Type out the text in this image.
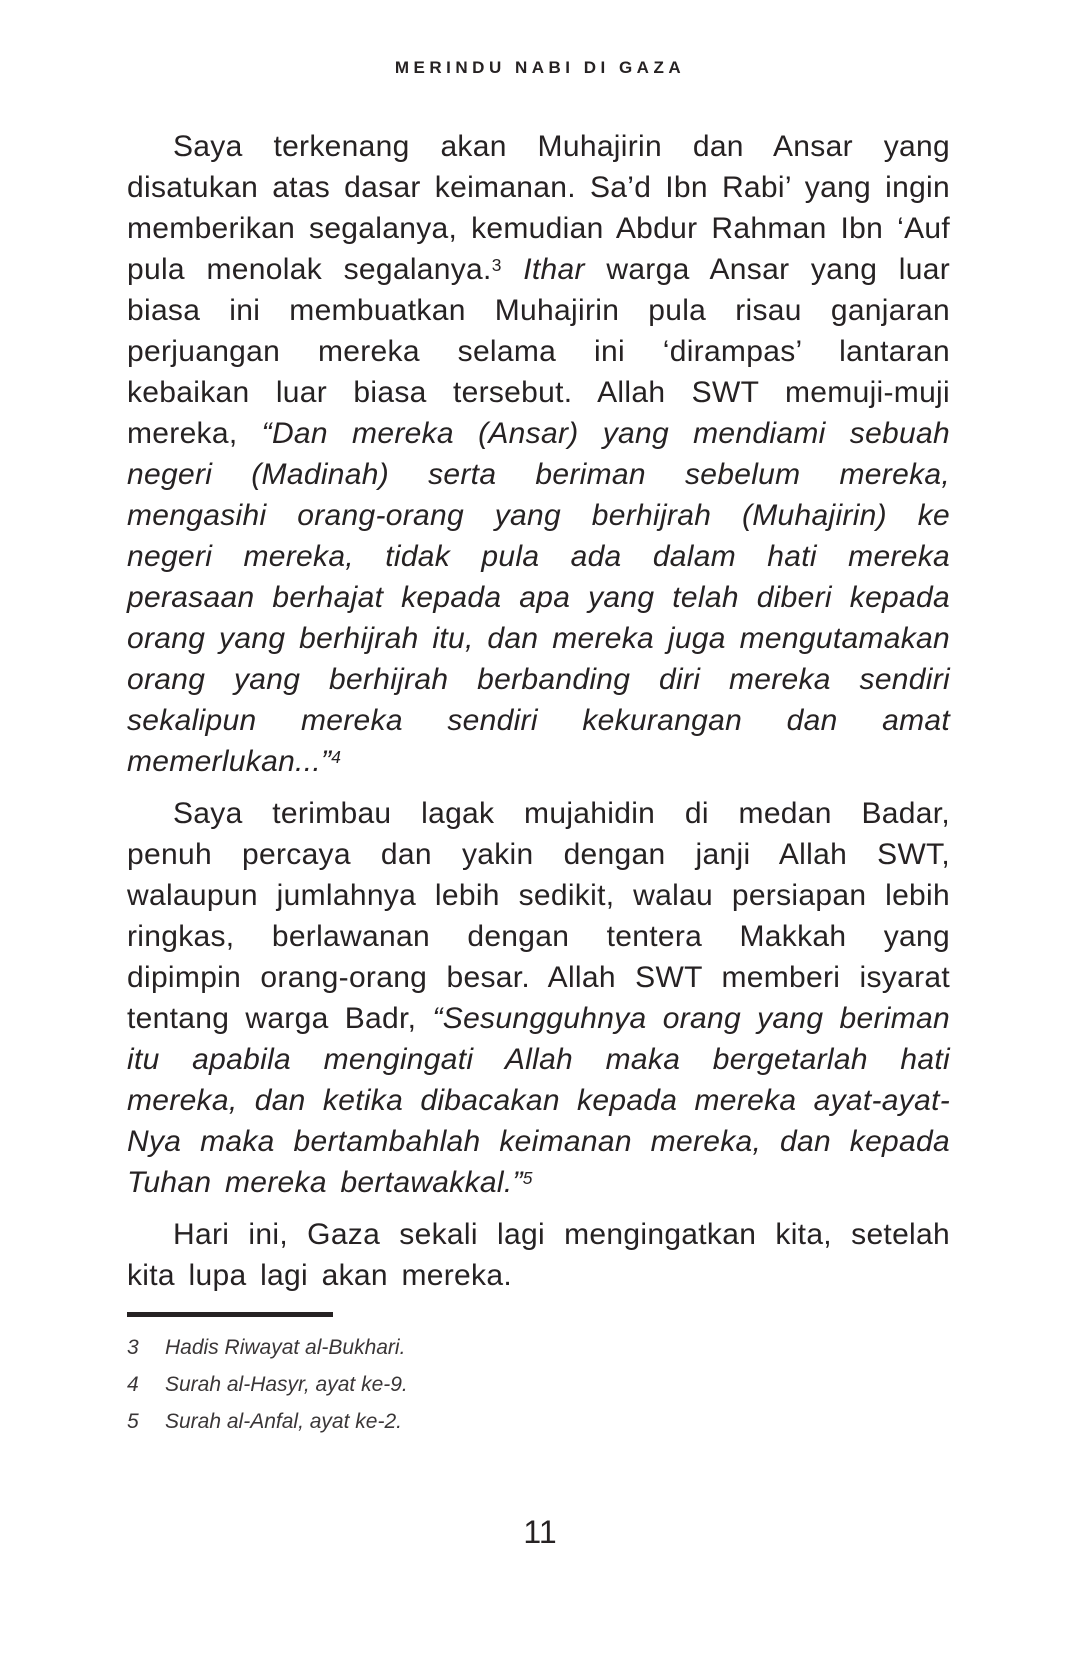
MERINDU NABI DI GAZA

Saya terkenang akan Muhajirin dan Ansar yang disatukan atas dasar keimanan. Sa’d Ibn Rabi’ yang ingin memberikan segalanya, kemudian Abdur Rahman Ibn ‘Auf pula menolak segalanya.$^3$ Ithar warga Ansar yang luar biasa ini membuatkan Muhajirin pula risau ganjaran perjuangan mereka selama ini ‘dirampas’ lantaran kebaikan luar biasa tersebut. Allah SWT memuji-muji mereka, “Dan mereka (Ansar) yang mendiami sebuah negeri (Madinah) serta beriman sebelum mereka, mengasihi orang-orang yang berhijrah (Muhajirin) ke negeri mereka, tidak pula ada dalam hati mereka perasaan berhajat kepada apa yang telah diberi kepada orang yang berhijrah itu, dan mereka juga mengutamakan orang yang berhijrah berbanding diri mereka sendiri sekalipun mereka sendiri kekurangan dan amat memerlukan...”$^4$

Saya terimbau lagak mujahidin di medan Badar, penuh percaya dan yakin dengan janji Allah SWT, walaupun jumlahnya lebih sedikit, walau persiapan lebih ringkas, berlawanan dengan tentera Makkah yang dipimpin orang-orang besar. Allah SWT memberi isyarat tentang warga Badr, “Sesungguhnya orang yang beriman itu apabila mengingati Allah maka bergetarlah hati mereka, dan ketika dibacakan kepada mereka ayat-ayat-Nya maka bertambahlah keimanan mereka, dan kepada Tuhan mereka bertawakkal.”$^5$

Hari ini, Gaza sekali lagi mengingatkan kita, setelah kita lupa lagi akan mereka.

3	Hadis Riwayat al-Bukhari.
4	Surah al-Hasyr, ayat ke-9.
5	Surah al-Anfal, ayat ke-2.
11
